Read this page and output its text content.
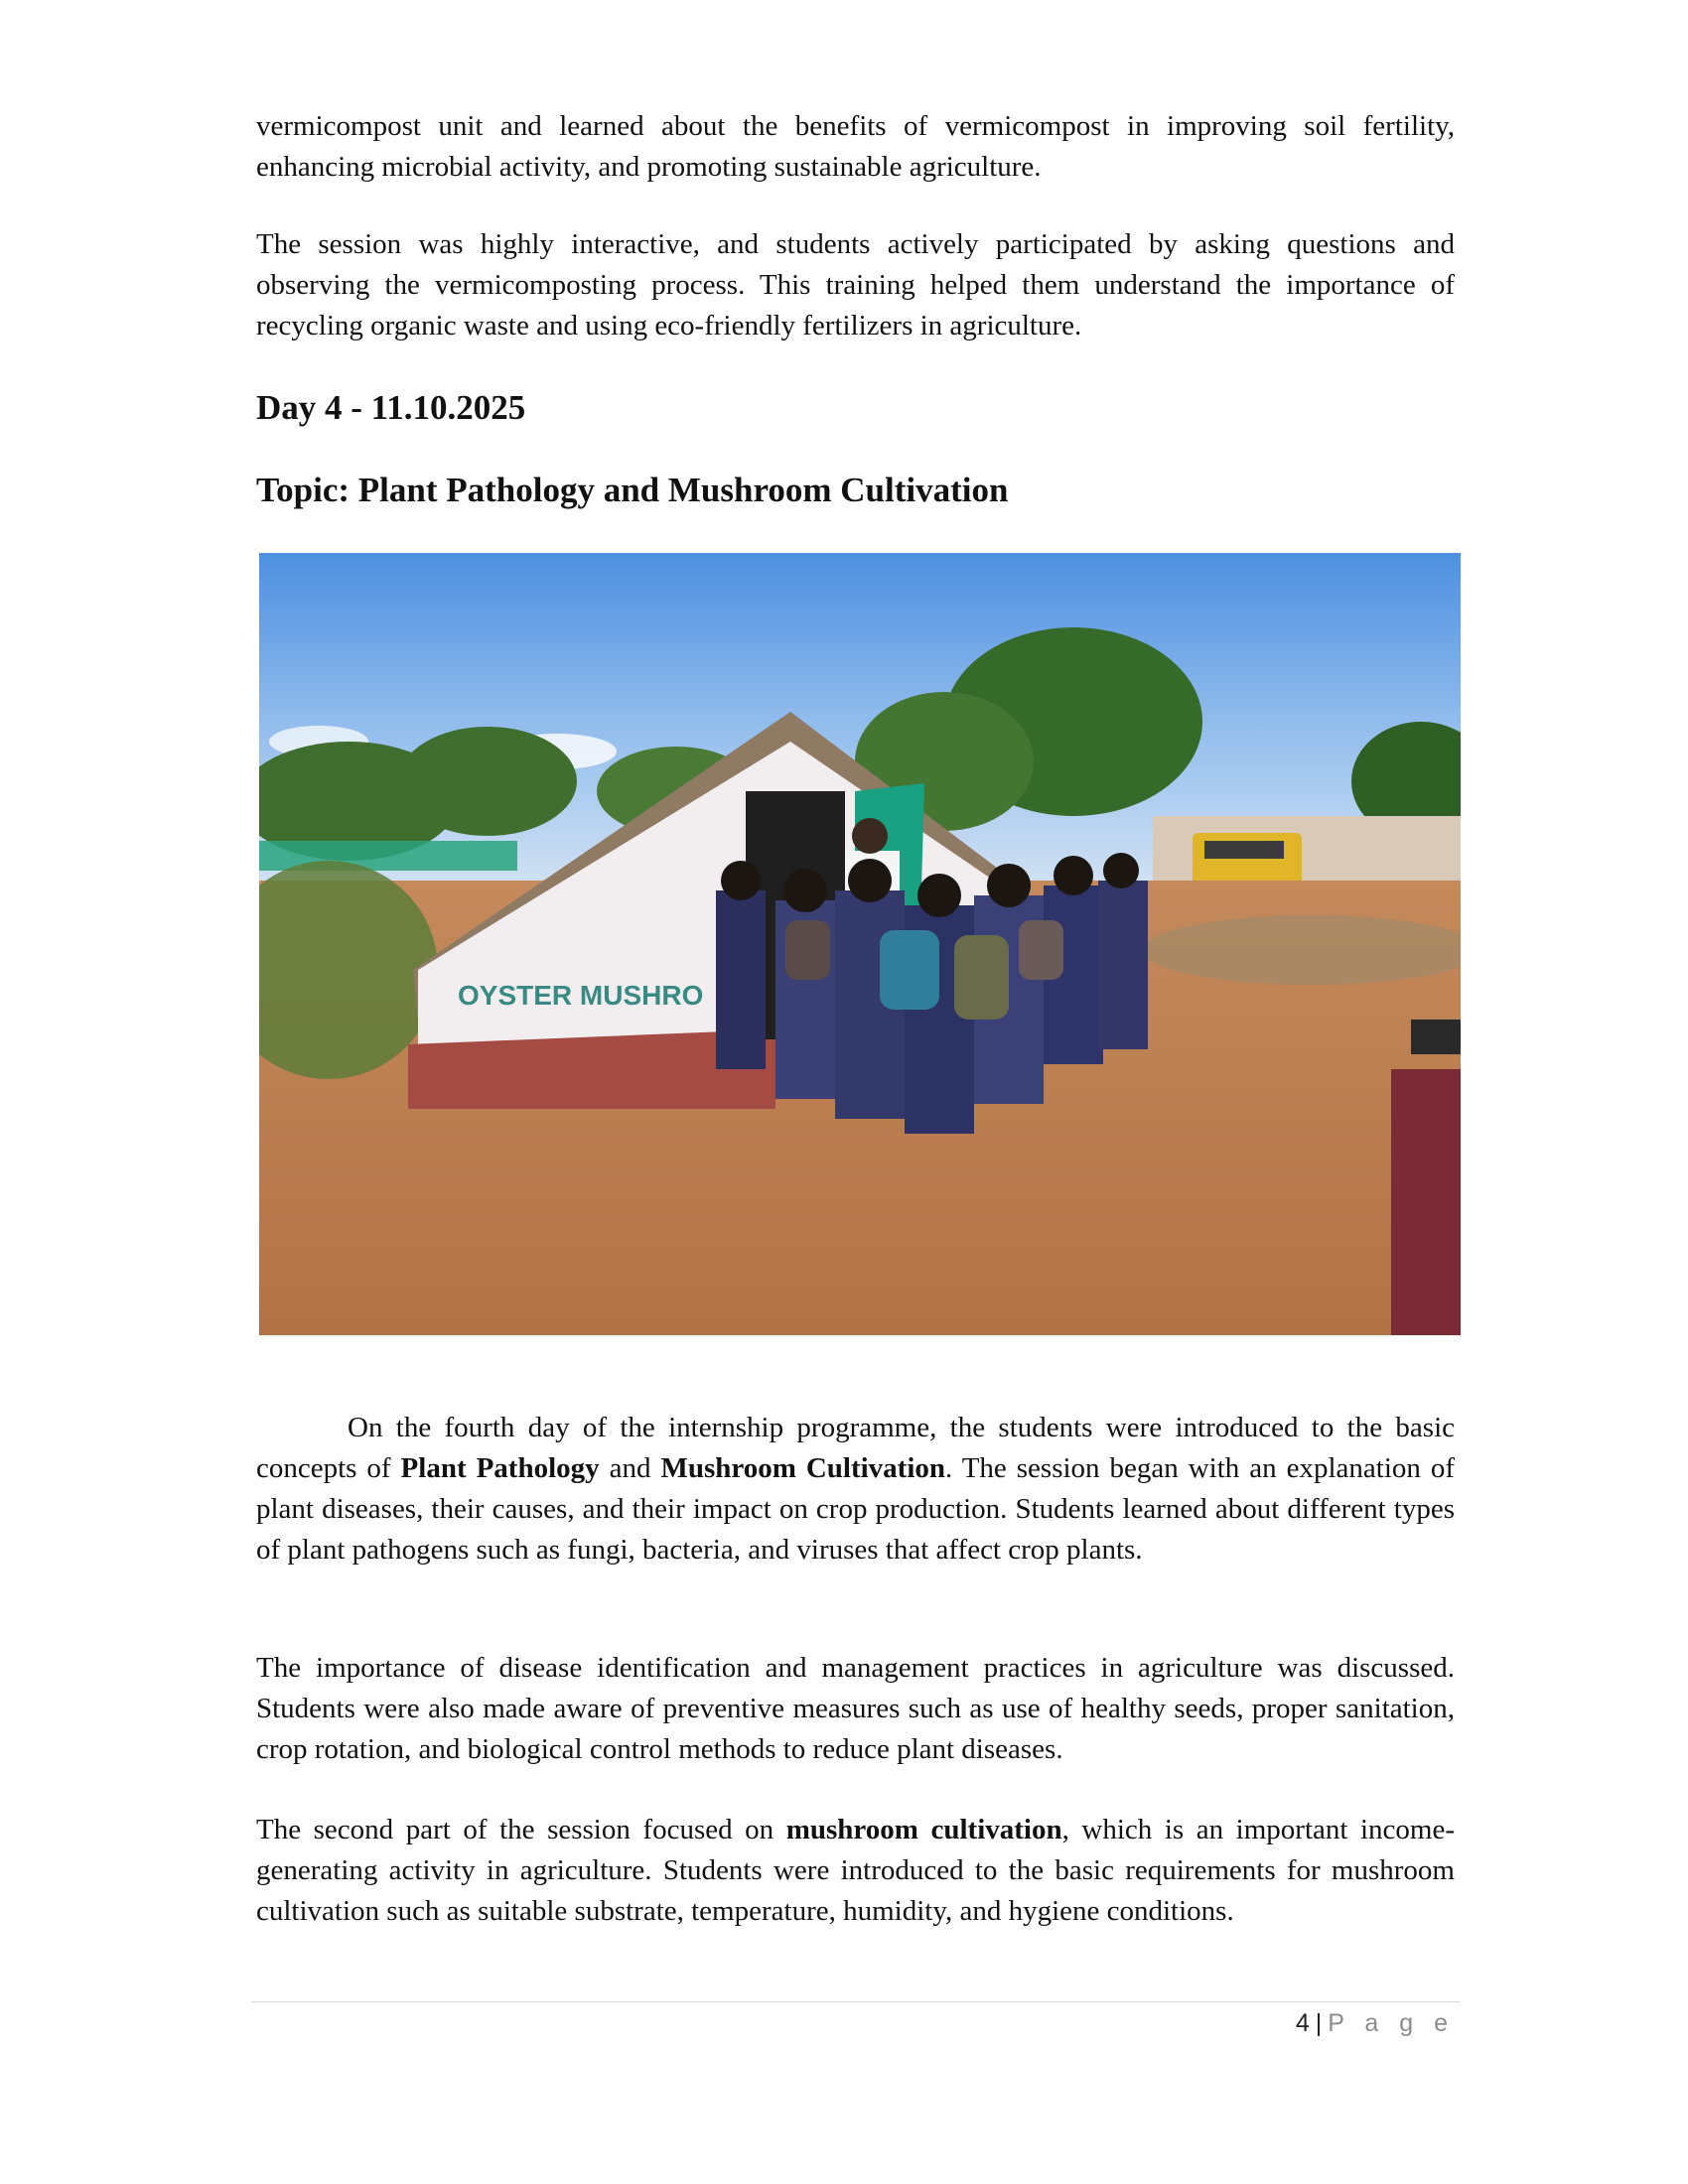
vermicompost unit and learned about the benefits of vermicompost in improving soil fertility, enhancing microbial activity, and promoting sustainable agriculture.

The session was highly interactive, and students actively participated by asking questions and observing the vermicomposting process. This training helped them understand the importance of recycling organic waste and using eco-friendly fertilizers in agriculture.

Day 4 - 11.10.2025
Topic: Plant Pathology and Mushroom Cultivation
OYSTER MUSHRO

On the fourth day of the internship programme, the students were introduced to the basic concepts of Plant Pathology and Mushroom Cultivation. The session began with an explanation of plant diseases, their causes, and their impact on crop production. Students learned about different types of plant pathogens such as fungi, bacteria, and viruses that affect crop plants.

The importance of disease identification and management practices in agriculture was discussed. Students were also made aware of preventive measures such as use of healthy seeds, proper sanitation, crop rotation, and biological control methods to reduce plant diseases.

The second part of the session focused on mushroom cultivation, which is an important income-generating activity in agriculture. Students were introduced to the basic requirements for mushroom cultivation such as suitable substrate, temperature, humidity, and hygiene conditions.

4 | P a g e
